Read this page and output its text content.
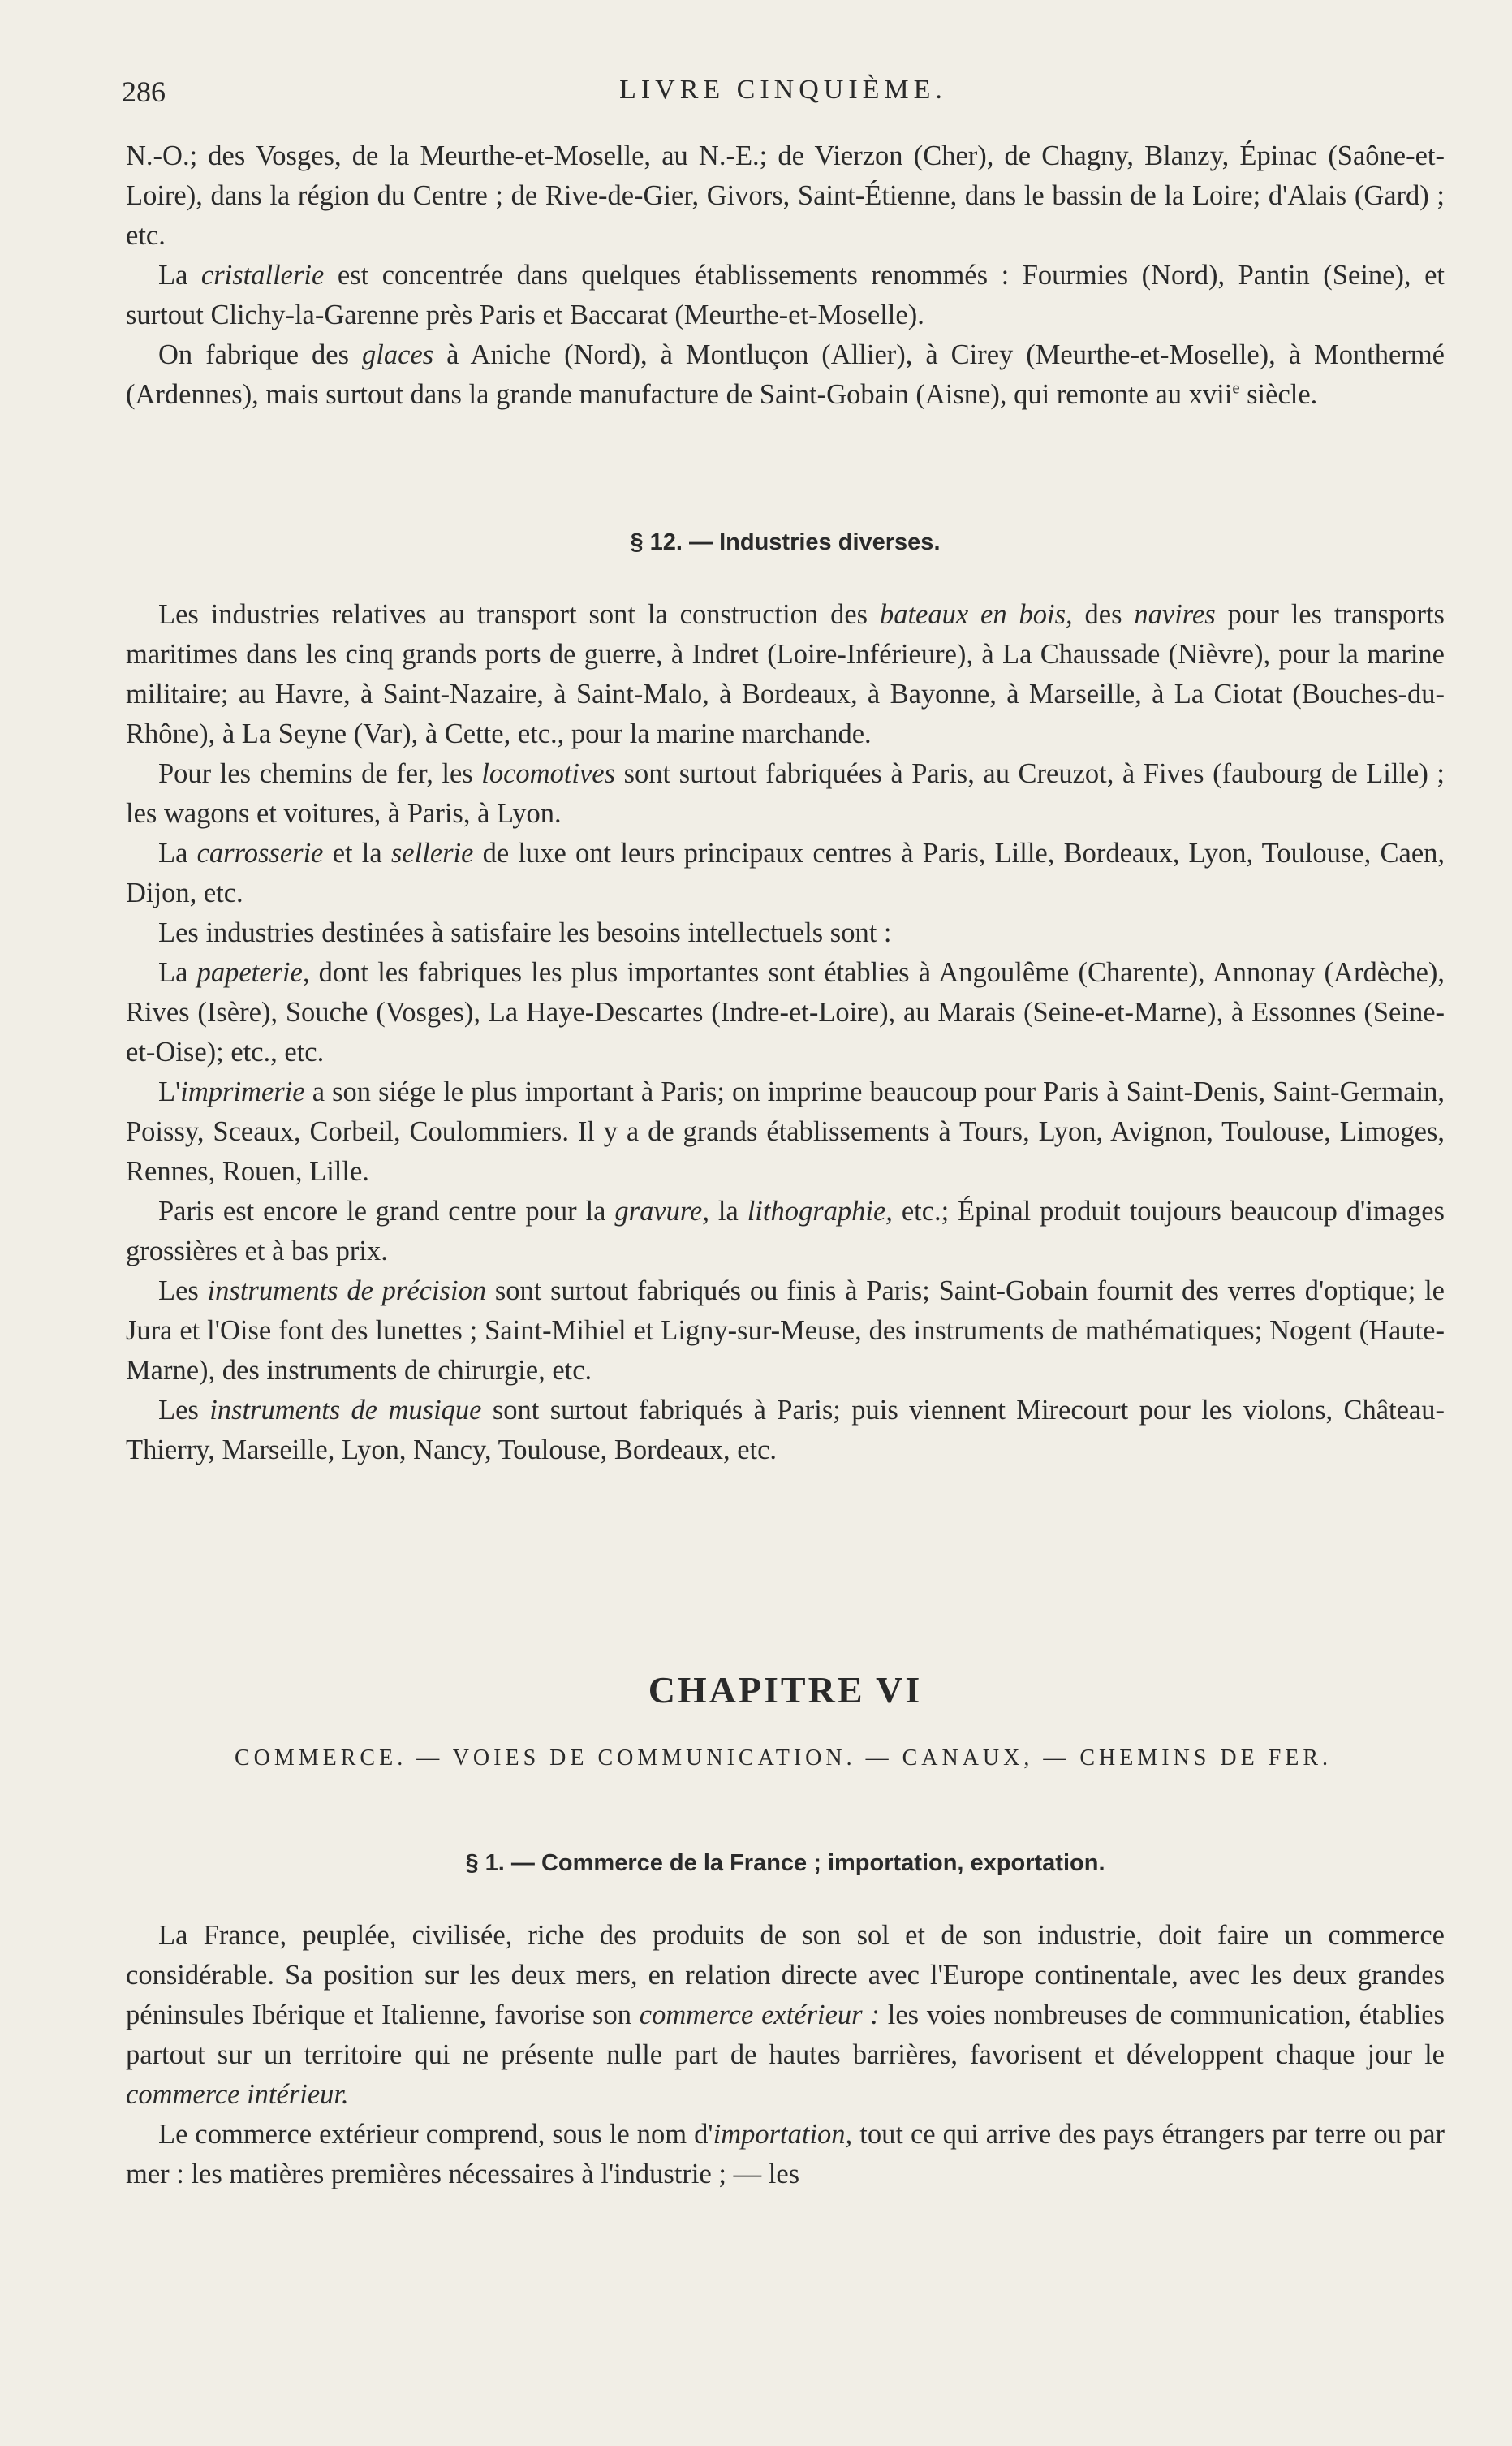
286	LIVRE CINQUIÈME.

N.-O.; des Vosges, de la Meurthe-et-Moselle, au N.-E.; de Vierzon (Cher), de Chagny, Blanzy, Épinac (Saône-et-Loire), dans la région du Centre ; de Rive-de-Gier, Givors, Saint-Étienne, dans le bassin de la Loire; d'Alais (Gard) ; etc.

La cristallerie est concentrée dans quelques établissements renommés : Fourmies (Nord), Pantin (Seine), et surtout Clichy-la-Garenne près Paris et Baccarat (Meurthe-et-Moselle).

On fabrique des glaces à Aniche (Nord), à Montluçon (Allier), à Cirey (Meurthe-et-Moselle), à Monthermé (Ardennes), mais surtout dans la grande manufacture de Saint-Gobain (Aisne), qui remonte au xvii$^e$ siècle.

§ 12. — Industries diverses.

Les industries relatives au transport sont la construction des bateaux en bois, des navires pour les transports maritimes dans les cinq grands ports de guerre, à Indret (Loire-Inférieure), à La Chaussade (Nièvre), pour la marine militaire; au Havre, à Saint-Nazaire, à Saint-Malo, à Bordeaux, à Bayonne, à Marseille, à La Ciotat (Bouches-du-Rhône), à La Seyne (Var), à Cette, etc., pour la marine marchande.

Pour les chemins de fer, les locomotives sont surtout fabriquées à Paris, au Creuzot, à Fives (faubourg de Lille) ; les wagons et voitures, à Paris, à Lyon.

La carrosserie et la sellerie de luxe ont leurs principaux centres à Paris, Lille, Bordeaux, Lyon, Toulouse, Caen, Dijon, etc.

Les industries destinées à satisfaire les besoins intellectuels sont :

La papeterie, dont les fabriques les plus importantes sont établies à Angoulême (Charente), Annonay (Ardèche), Rives (Isère), Souche (Vosges), La Haye-Descartes (Indre-et-Loire), au Marais (Seine-et-Marne), à Essonnes (Seine-et-Oise); etc., etc.

L'imprimerie a son siége le plus important à Paris; on imprime beaucoup pour Paris à Saint-Denis, Saint-Germain, Poissy, Sceaux, Corbeil, Coulommiers. Il y a de grands établissements à Tours, Lyon, Avignon, Toulouse, Limoges, Rennes, Rouen, Lille.

Paris est encore le grand centre pour la gravure, la lithographie, etc.; Épinal produit toujours beaucoup d'images grossières et à bas prix.

Les instruments de précision sont surtout fabriqués ou finis à Paris; Saint-Gobain fournit des verres d'optique; le Jura et l'Oise font des lunettes ; Saint-Mihiel et Ligny-sur-Meuse, des instruments de mathématiques; Nogent (Haute-Marne), des instruments de chirurgie, etc.

Les instruments de musique sont surtout fabriqués à Paris; puis viennent Mirecourt pour les violons, Château-Thierry, Marseille, Lyon, Nancy, Toulouse, Bordeaux, etc.

CHAPITRE VI
COMMERCE. — VOIES DE COMMUNICATION. — CANAUX, — CHEMINS DE FER.
§ 1. — Commerce de la France ; importation, exportation.

La France, peuplée, civilisée, riche des produits de son sol et de son industrie, doit faire un commerce considérable. Sa position sur les deux mers, en relation directe avec l'Europe continentale, avec les deux grandes péninsules Ibérique et Italienne, favorise son commerce extérieur : les voies nombreuses de communication, établies partout sur un territoire qui ne présente nulle part de hautes barrières, favorisent et développent chaque jour le commerce intérieur.

Le commerce extérieur comprend, sous le nom d'importation, tout ce qui arrive des pays étrangers par terre ou par mer : les matières premières nécessaires à l'industrie ; — les
